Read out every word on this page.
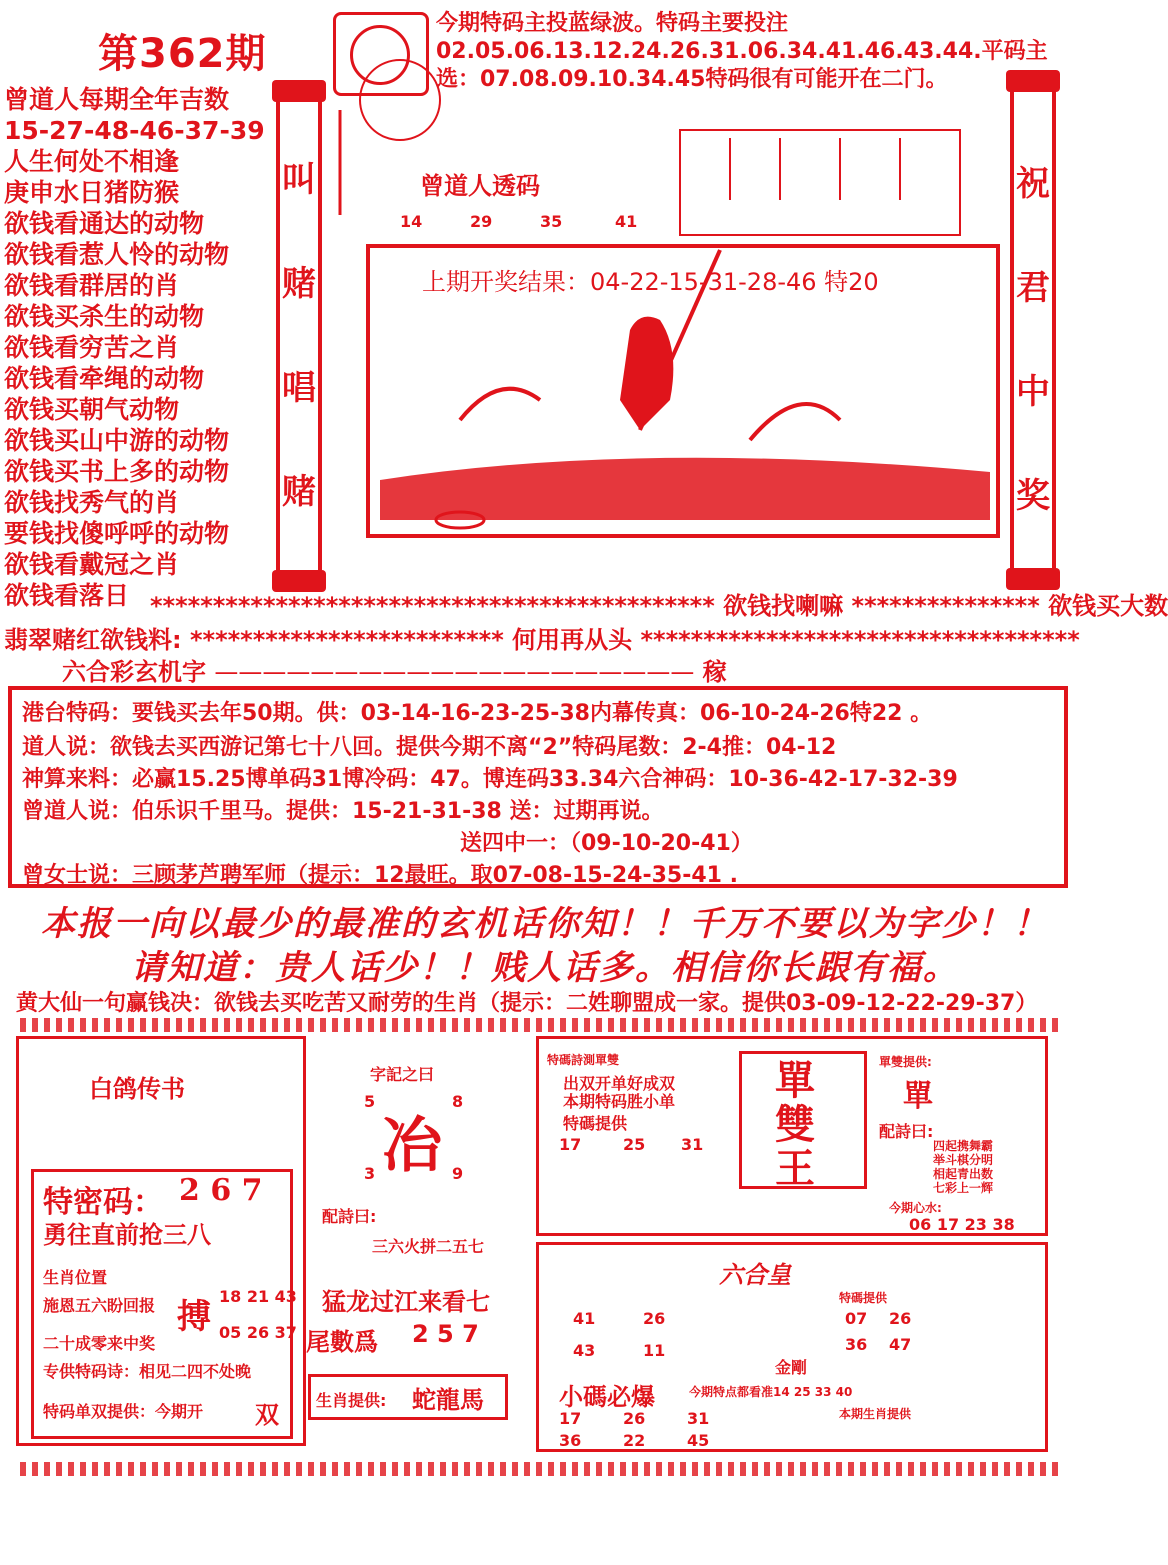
第362期
今期特码主投蓝绿波。特码主要投注02.05.06.13.12.24.26.31.06.34.41.46.43.44.平码主选：07.08.09.10.34.45特码很有可能开在二门。
曾道人每期全年吉数
15-27-48-46-37-39
人生何处不相逢
庚申水日猪防猴
欲钱看通达的动物
欲钱看惹人怜的动物
欲钱看群居的肖
欲钱买杀生的动物
欲钱看穷苦之肖
欲钱看牵绳的动物
欲钱买朝气动物
欲钱买山中游的动物
欲钱买书上多的动物
欲钱找秀气的肖
要钱找傻呼呼的动物
欲钱看戴冠之肖
欲钱看落日
叫
赌
唱
赌
祝
君
中
奖
曾道人透码
14	29	35	41
上期开奖结果：04-22-15-31-28-46 特20
********************************************* 欲钱找喇嘛 *************** 欲钱买大数
翡翠赌红欲钱料: ************************* 何用再从头 ***********************************
六合彩玄机字 ———————————————————— 稼
港台特码：要钱买去年50期。供：03-14-16-23-25-38内幕传真：06-10-24-26特22 。
道人说：欲钱去买西游记第七十八回。提供今期不离“2”特码尾数：2-4推：04-12
神算来料：必赢15.25博单码31博冷码：47。博连码33.34六合神码：10-36-42-17-32-39
曾道人说：伯乐识千里马。提供：15-21-31-38 送：过期再说。
送四中一：（09-10-20-41）
曾女士说：三顾茅芦聘军师（提示：12最旺。取07-08-15-24-35-41 .
本报一向以最少的最准的玄机话你知！！千万不要以为字少！！
请知道：贵人话少！！贱人话多。相信你长跟有福。
黄大仙一句赢钱决：欲钱去买吃苦又耐劳的生肖（提示：二姓聊盟成一家。提供03-09-12-22-29-37）
白鸽传书
特密码： 2 6 7
勇往直前抢三八
生肖位置
施恩五六盼回报
二十成零来中奖
搏
18 21 43
05 26 37
专供特码诗：相见二四不处晚
特码单双提供：今期开 双
字記之曰
5	8
冶
3	9
配詩曰:
三六火拼二五七
猛龙过江来看七
尾數爲 2 5 7
生肖提供: 蛇龍馬
特碼詩測單雙
出双开单好成双
本期特码胜小单
特碼提供
17	25 31
單
雙
王
單雙提供:
單
配詩曰:
四起携舞霸
举斗棋分明
相起青出数
七彩上一辉
今期心水:
06 17 23 38
六合皇
41	26
43	11
特碼提供
07 26
36 47
金剛
小碼必爆	今期特点都看准14 25 33 40
17	26	31
36	22	45
本期生肖提供
